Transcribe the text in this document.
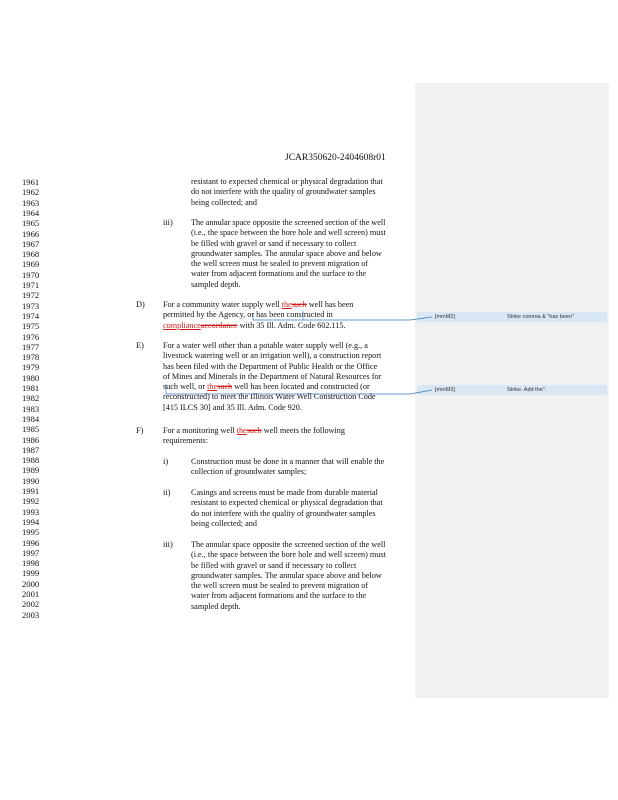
JCAR350620-2404608r01
1961
1962
1963
1964
1965
1966
1967
1968
1969
1970
1971
1972
1973
1974
1975
1976
1977
1978
1979
1980
1981
1982
1983
1984
1985
1986
1987
1988
1989
1990
1991
1992
1993
1994
1995
1996
1997
1998
1999
2000
2001
2002
2003
resistant to expected chemical or physical degradation that
do not interfere with the quality of groundwater samples
being collected; and
iii) The annular space opposite the screened section of the well
(i.e., the space between the bore hole and well screen) must
be filled with gravel or sand if necessary to collect
groundwater samples. The annular space above and below
the well screen must be sealed to prevent migration of
water from adjacent formations and the surface to the
sampled depth.
D) For a community water supply well thesuch well has been
permitted by the Agency, or has been constructed in
complianceaccordance with 35 Ill. Adm. Code 602.115.
E) For a water well other than a potable water supply well (e.g., a
livestock watering well or an irrigation well), a construction report
has been filed with the Department of Public Health or the Office
of Mines and Minerals in the Department of Natural Resources for
such well, or thesuch well has been located and constructed (or
reconstructed) to meet the Illinois Water Well Construction Code
[415 ILCS 30] and 35 Ill. Adm. Code 920.
F) For a monitoring well thesuch well meets the following
requirements:
i)	Construction must be done in a manner that will enable the
collection of groundwater samples;
ii)	Casings and screens must be made from durable material
resistant to expected chemical or physical degradation that
do not interfere with the quality of groundwater samples
being collected; and
iii) The annular space opposite the screened section of the well
(i.e., the space between the bore hole and well screen) must
be filled with gravel or sand if necessary to collect
groundwater samples. The annular space above and below
the well screen must be sealed to prevent migration of
water from adjacent formations and the surface to the
sampled depth.
[mmM2]	Strike comma & "has been"
[mmM3]	Strike. Add the".
